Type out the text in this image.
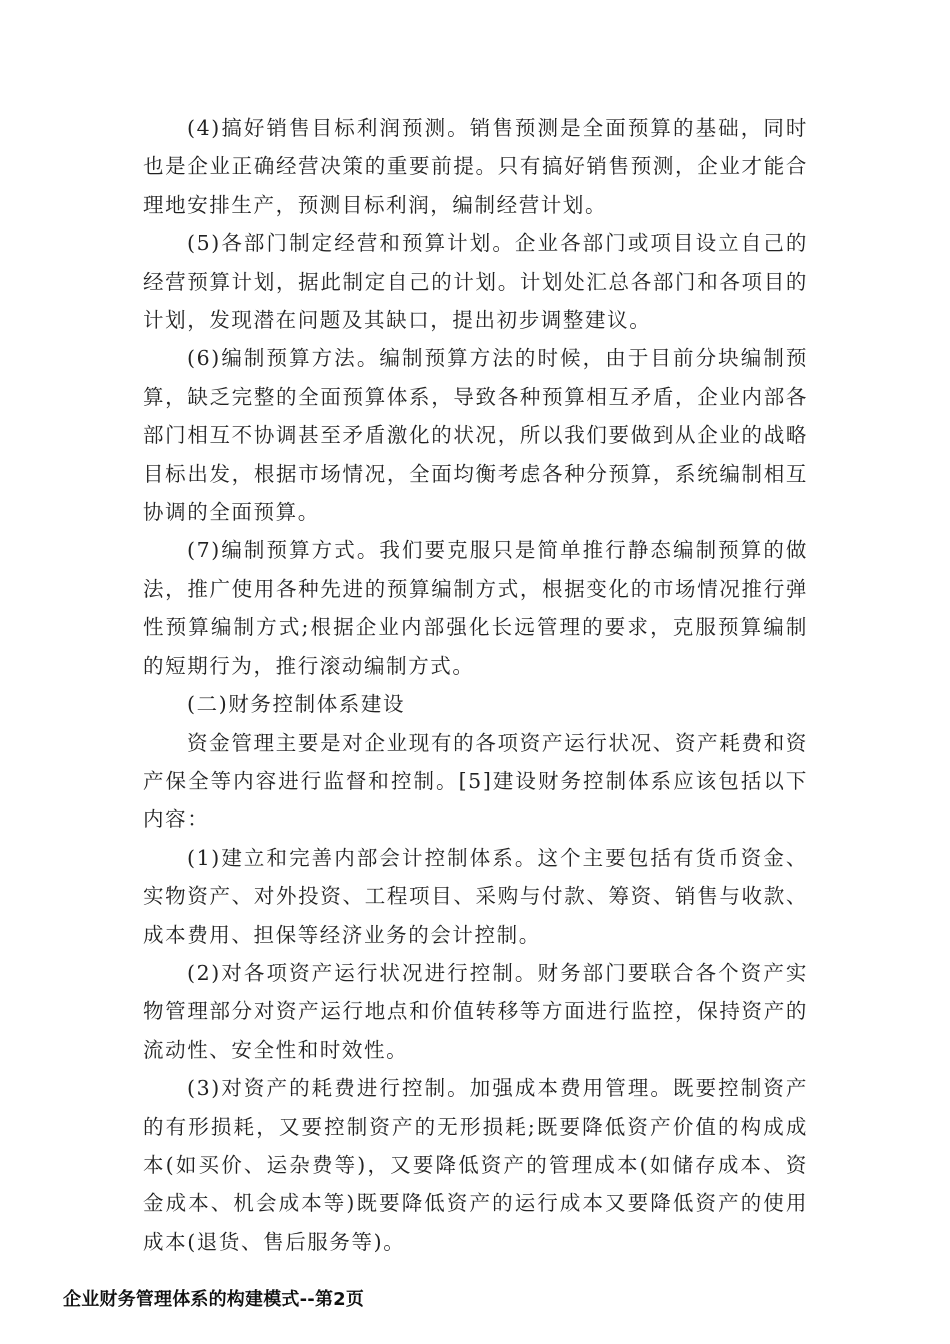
(4)搞好销售目标利润预测。销售预测是全面预算的基础，同时也是企业正确经营决策的重要前提。只有搞好销售预测，企业才能合理地安排生产，预测目标利润，编制经营计划。

(5)各部门制定经营和预算计划。企业各部门或项目设立自己的经营预算计划，据此制定自己的计划。计划处汇总各部门和各项目的计划，发现潜在问题及其缺口，提出初步调整建议。

(6)编制预算方法。编制预算方法的时候，由于目前分块编制预算，缺乏完整的全面预算体系，导致各种预算相互矛盾，企业内部各部门相互不协调甚至矛盾激化的状况，所以我们要做到从企业的战略目标出发，根据市场情况，全面均衡考虑各种分预算，系统编制相互协调的全面预算。

(7)编制预算方式。我们要克服只是简单推行静态编制预算的做法，推广使用各种先进的预算编制方式，根据变化的市场情况推行弹性预算编制方式;根据企业内部强化长远管理的要求，克服预算编制的短期行为，推行滚动编制方式。

(二)财务控制体系建设

资金管理主要是对企业现有的各项资产运行状况、资产耗费和资产保全等内容进行监督和控制。[5]建设财务控制体系应该包括以下内容：

(1)建立和完善内部会计控制体系。这个主要包括有货币资金、实物资产、对外投资、工程项目、采购与付款、筹资、销售与收款、成本费用、担保等经济业务的会计控制。

(2)对各项资产运行状况进行控制。财务部门要联合各个资产实物管理部分对资产运行地点和价值转移等方面进行监控，保持资产的流动性、安全性和时效性。

(3)对资产的耗费进行控制。加强成本费用管理。既要控制资产的有形损耗，又要控制资产的无形损耗;既要降低资产价值的构成成本(如买价、运杂费等)，又要降低资产的管理成本(如储存成本、资金成本、机会成本等)既要降低资产的运行成本又要降低资产的使用成本(退货、售后服务等)。

企业财务管理体系的构建模式--第2页
